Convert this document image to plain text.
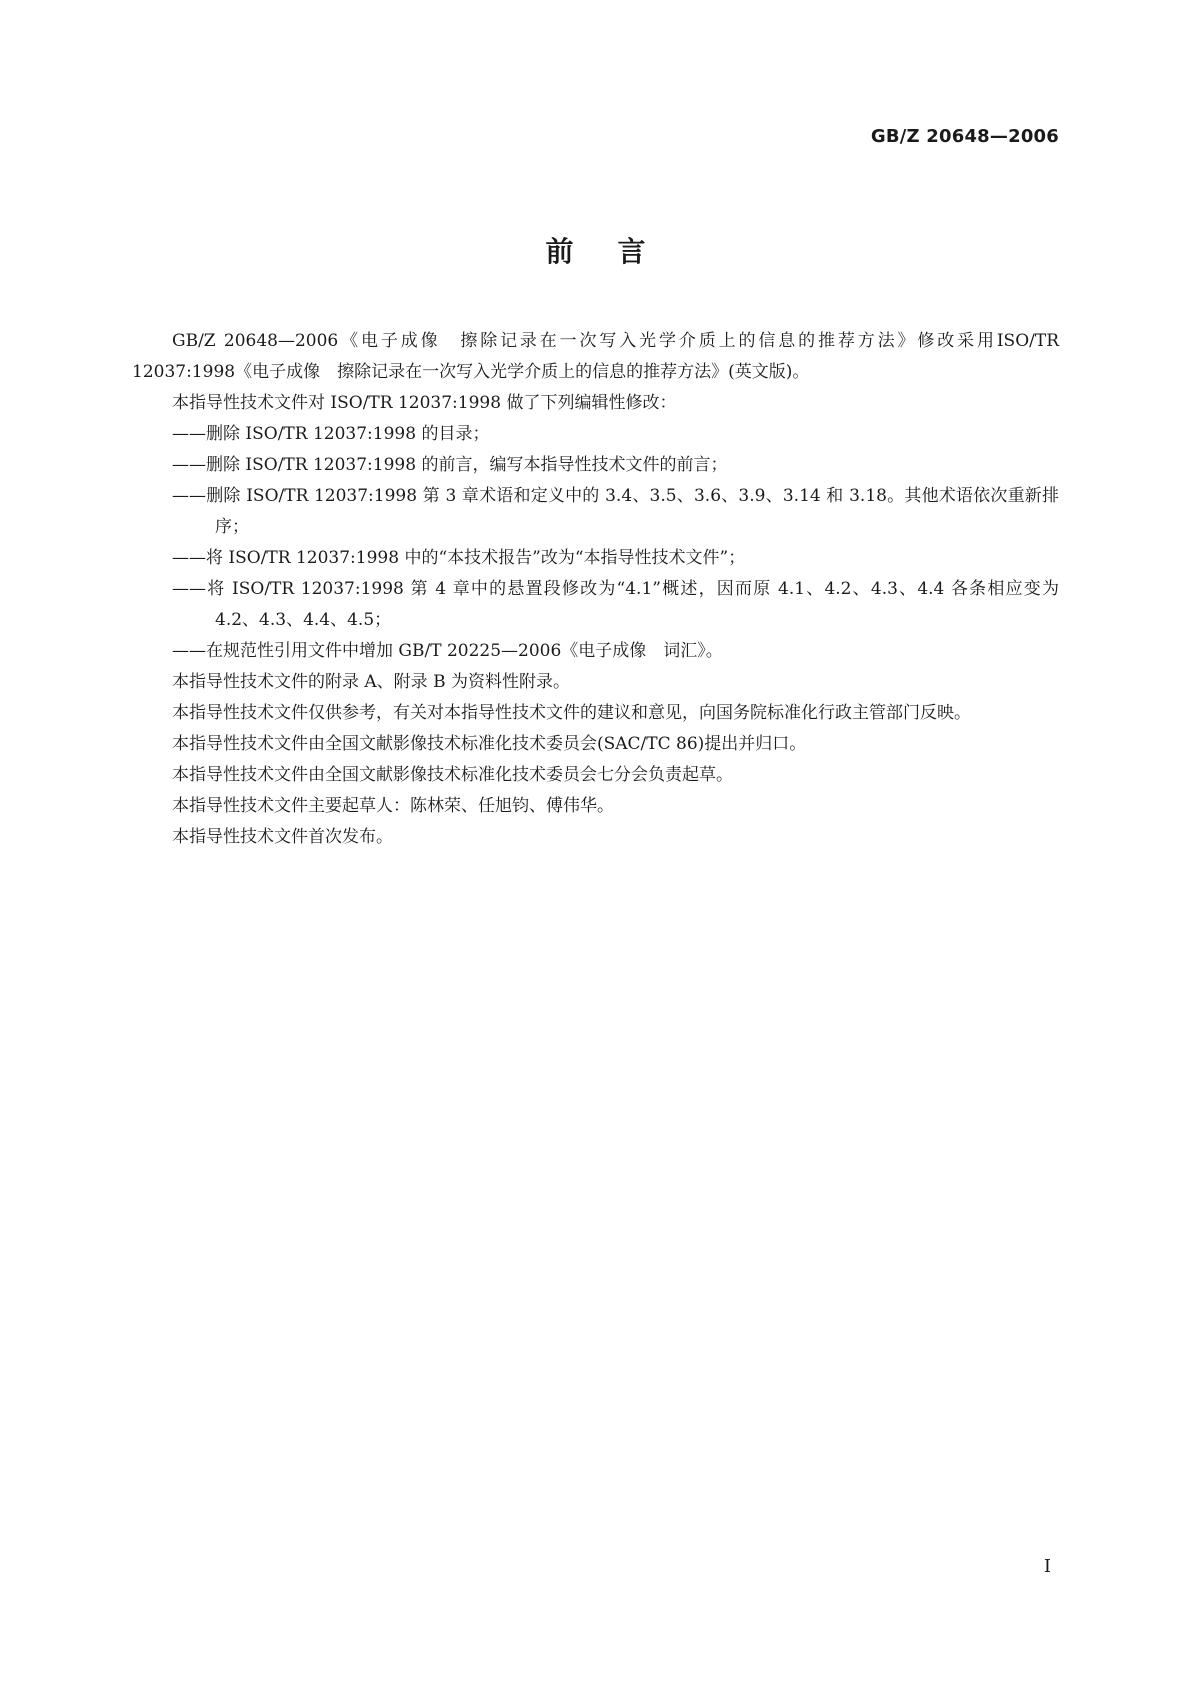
GB/Z 20648—2006
前言

GB/Z 20648—2006《电子成像　擦除记录在一次写入光学介质上的信息的推荐方法》修改采用ISO/TR 12037:1998《电子成像　擦除记录在一次写入光学介质上的信息的推荐方法》(英文版)。

本指导性技术文件对 ISO/TR 12037:1998 做了下列编辑性修改：

——删除 ISO/TR 12037:1998 的目录；

——删除 ISO/TR 12037:1998 的前言，编写本指导性技术文件的前言；

——删除 ISO/TR 12037:1998 第 3 章术语和定义中的 3.4、3.5、3.6、3.9、3.14 和 3.18。其他术语依次重新排序；

——将 ISO/TR 12037:1998 中的“本技术报告”改为“本指导性技术文件”；

——将 ISO/TR 12037:1998 第 4 章中的悬置段修改为“4.1”概述，因而原 4.1、4.2、4.3、4.4 各条相应变为 4.2、4.3、4.4、4.5；

——在规范性引用文件中增加 GB/T 20225—2006《电子成像　词汇》。

本指导性技术文件的附录 A、附录 B 为资料性附录。

本指导性技术文件仅供参考，有关对本指导性技术文件的建议和意见，向国务院标准化行政主管部门反映。

本指导性技术文件由全国文献影像技术标准化技术委员会(SAC/TC 86)提出并归口。

本指导性技术文件由全国文献影像技术标准化技术委员会七分会负责起草。

本指导性技术文件主要起草人：陈林荣、任旭钧、傅伟华。

本指导性技术文件首次发布。

I
